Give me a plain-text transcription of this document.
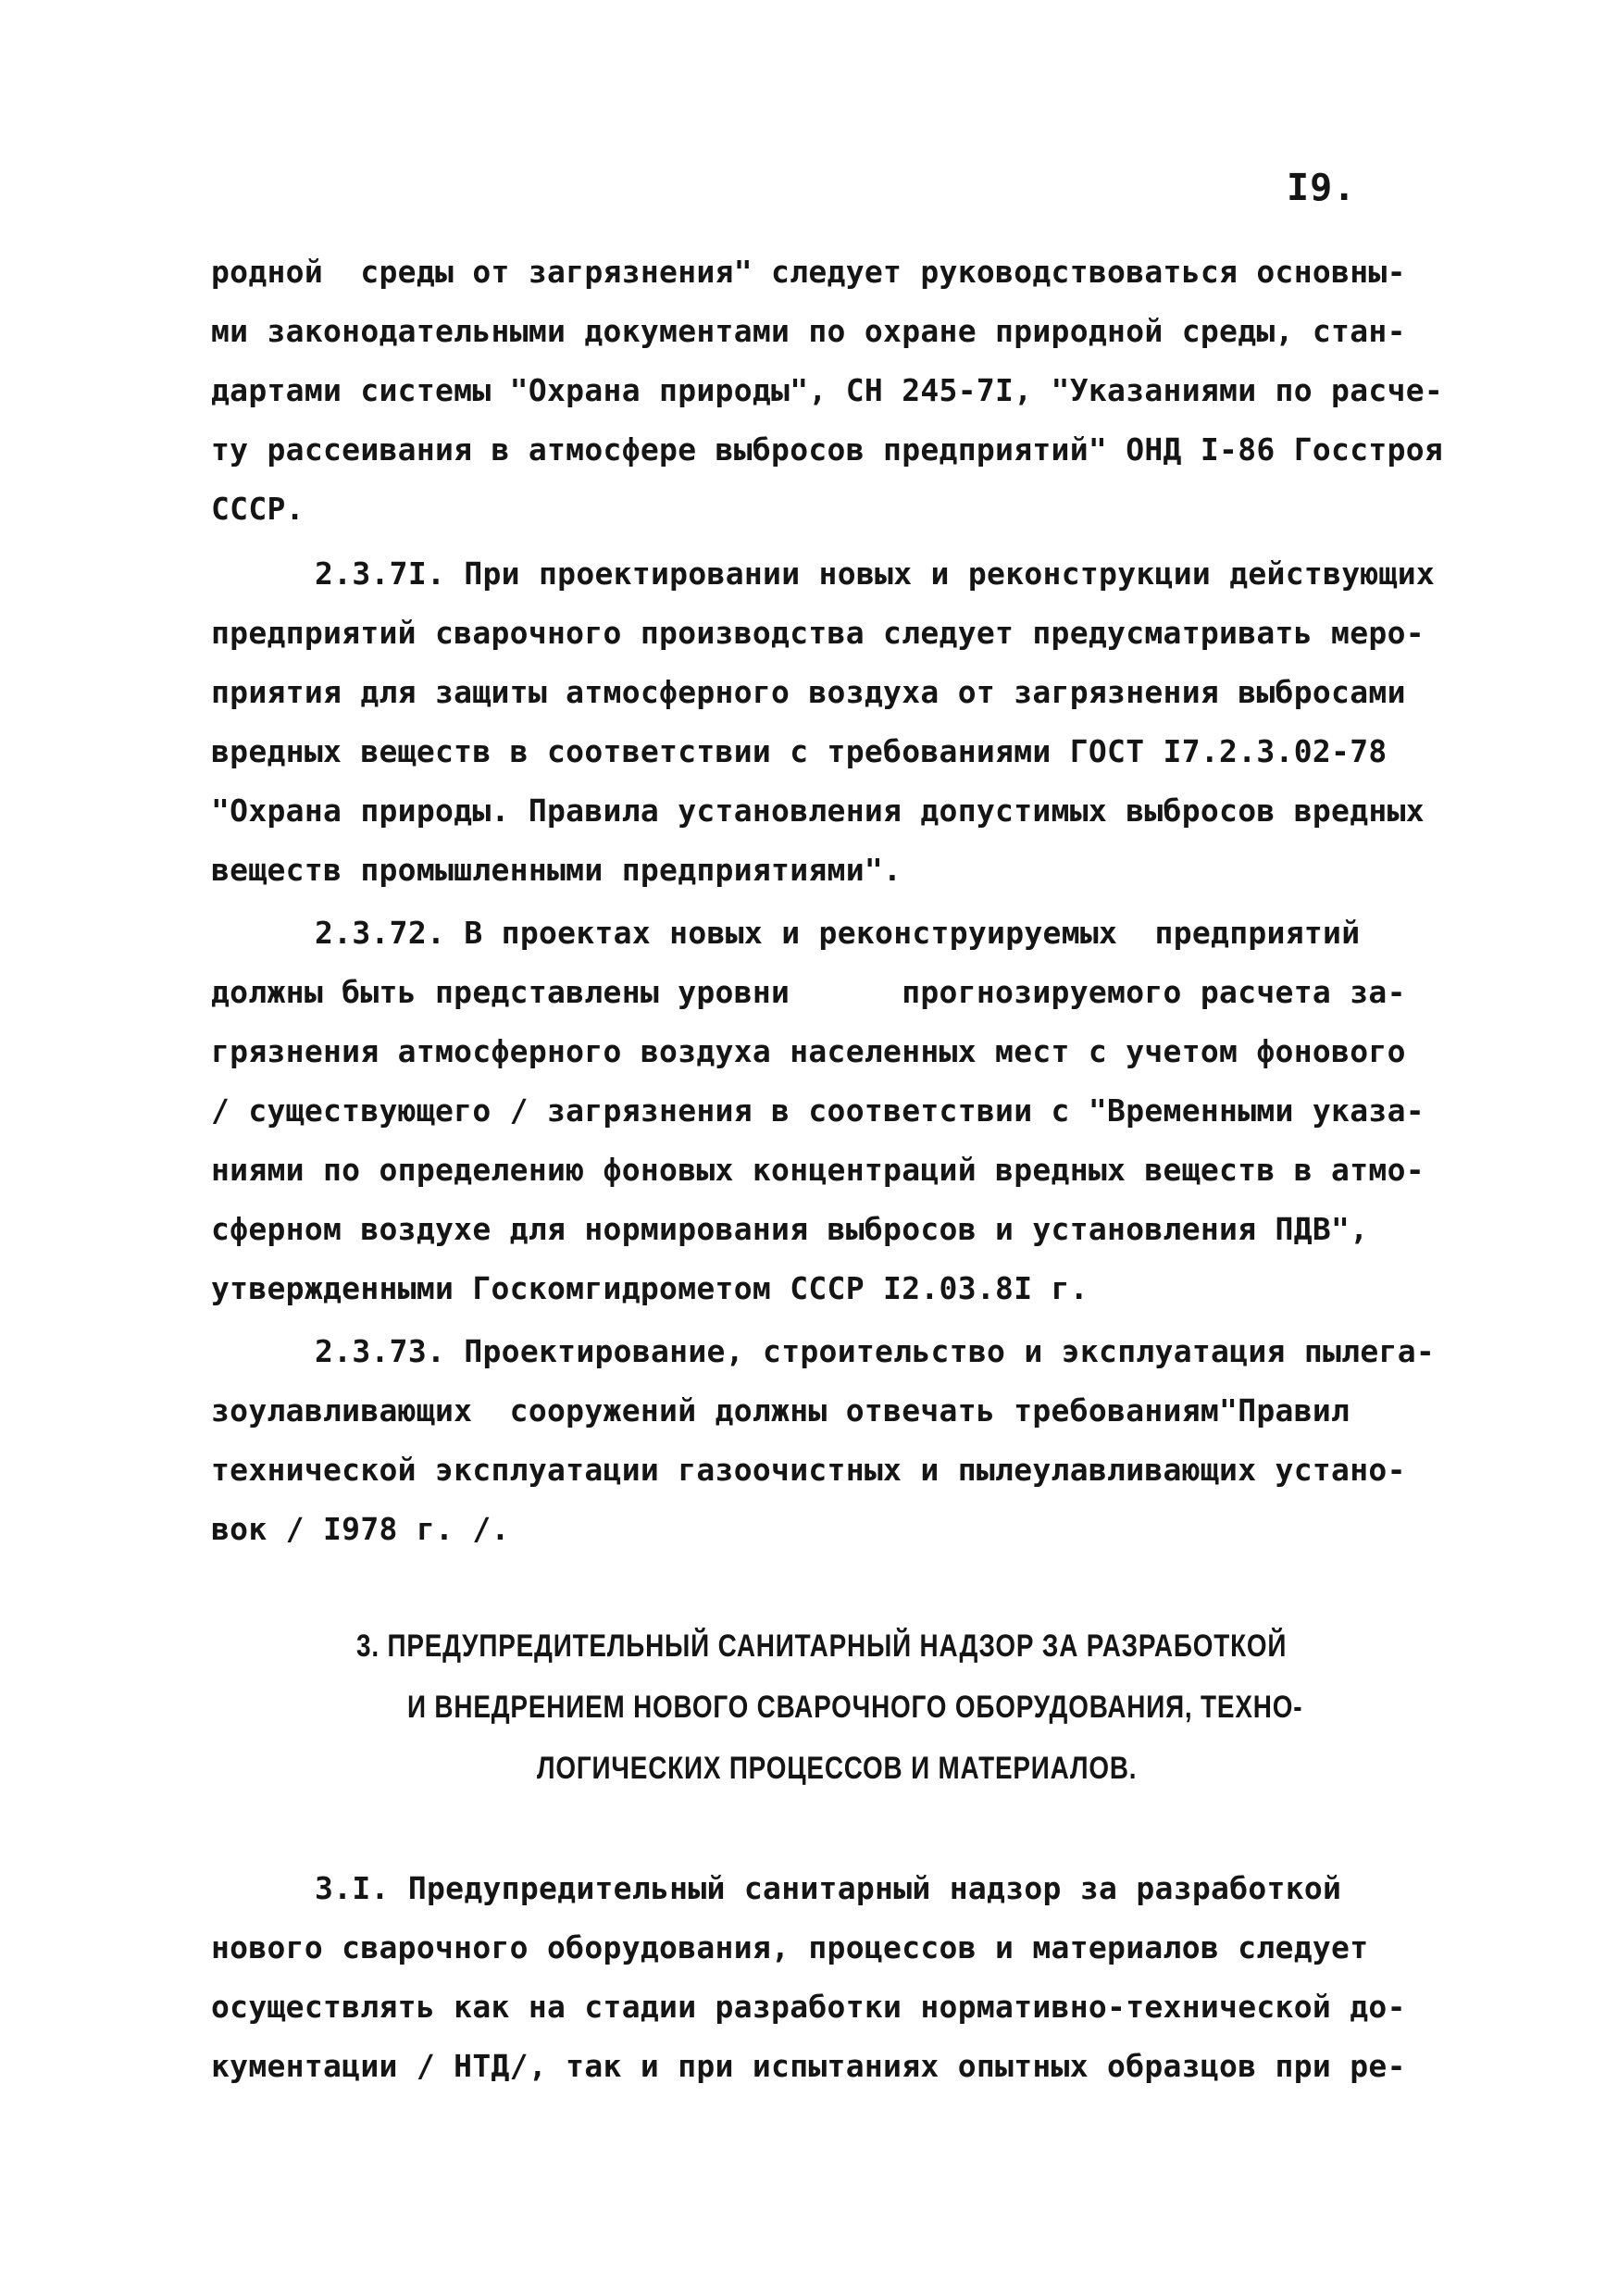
I9.
родной  среды от загрязнения" следует руководствоваться основны-
ми законодательными документами по охране природной среды, стан-
дартами системы "Охрана природы", СН 245-7I, "Указаниями по расче-
ту рассеивания в атмосфере выбросов предприятий" ОНД I-86 Госстроя
СССР.
2.3.7I. При проектировании новых и реконструкции действующих
предприятий сварочного производства следует предусматривать меро-
приятия для защиты атмосферного воздуха от загрязнения выбросами
вредных веществ в соответствии с требованиями ГОСТ I7.2.3.02-78
"Охрана природы. Правила установления допустимых выбросов вредных
веществ промышленными предприятиями".
2.3.72. В проектах новых и реконструируемых  предприятий
должны быть представлены уровни      прогнозируемого расчета за-
грязнения атмосферного воздуха населенных мест с учетом фонового
/ существующего / загрязнения в соответствии с "Временными указа-
ниями по определению фоновых концентраций вредных веществ в атмо-
сферном воздухе для нормирования выбросов и установления ПДВ",
утвержденными Госкомгидрометом СССР I2.03.8I г.
2.3.73. Проектирование, строительство и эксплуатация пылега-
зоулавливающих  сооружений должны отвечать требованиям"Правил
технической эксплуатации газоочистных и пылеулавливающих устано-
вок / I978 г. /.
3. ПРЕДУПРЕДИТЕЛЬНЫЙ САНИТАРНЫЙ НАДЗОР ЗА РАЗРАБОТКОЙ
И ВНЕДРЕНИЕМ НОВОГО СВАРОЧНОГО ОБОРУДОВАНИЯ, ТЕХНО-
ЛОГИЧЕСКИХ ПРОЦЕССОВ И МАТЕРИАЛОВ.
3.I. Предупредительный санитарный надзор за разработкой
нового сварочного оборудования, процессов и материалов следует
осуществлять как на стадии разработки нормативно-технической до-
кументации / НТД/, так и при испытаниях опытных образцов при ре-
